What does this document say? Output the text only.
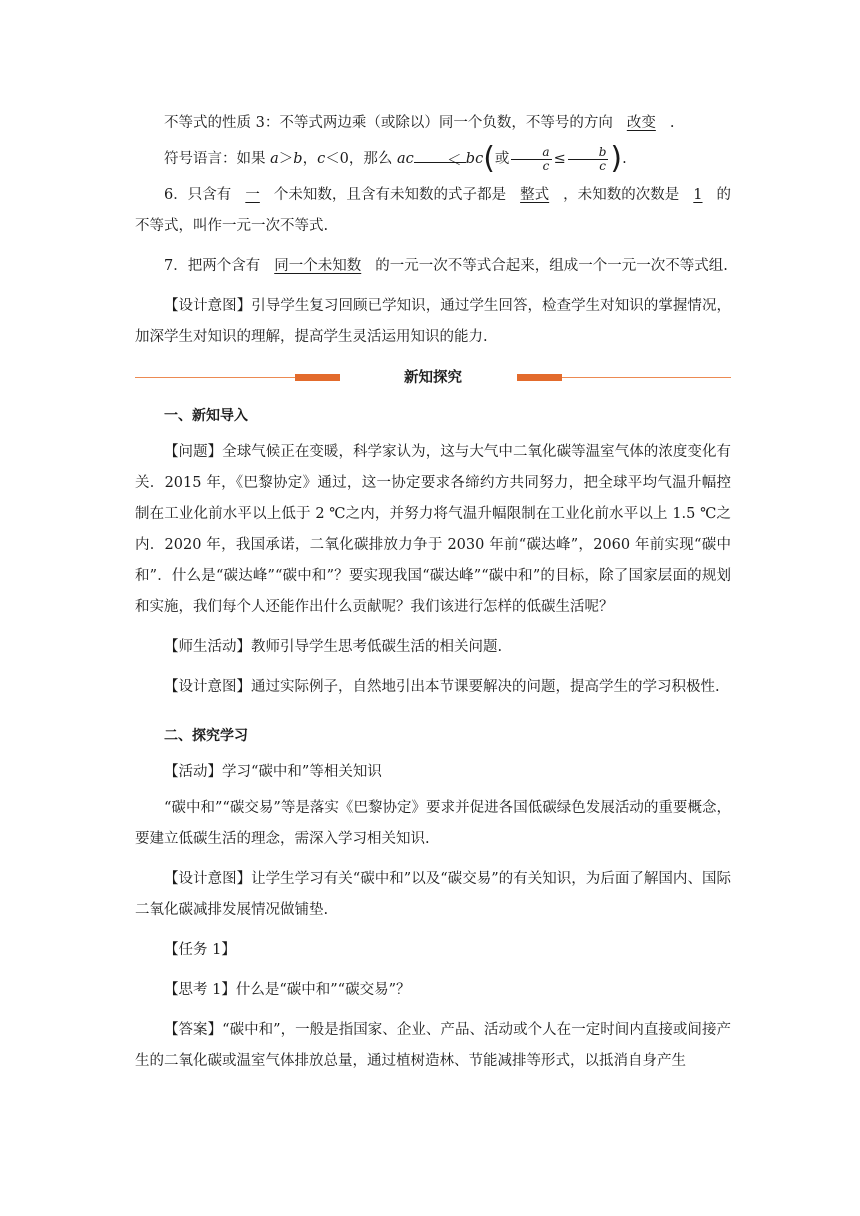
不等式的性质 3：不等式两边乘（或除以）同一个负数，不等号的方向 改变 .

符号语言：如果 a＞b，c＜0，那么 ac ＜ bc(或 $\frac{a}{c} \le \frac{b}{c}$ ).

6．只含有 一 个未知数，且含有未知数的式子都是 整式 ，未知数的次数是 1 的不等式，叫作一元一次不等式.

7．把两个含有 同一个未知数 的一元一次不等式合起来，组成一个一元一次不等式组.

【设计意图】引导学生复习回顾已学知识，通过学生回答，检查学生对知识的掌握情况，加深学生对知识的理解，提高学生灵活运用知识的能力.

新知探究

一、新知导入

【问题】全球气候正在变暖，科学家认为，这与大气中二氧化碳等温室气体的浓度变化有关．2015 年，《巴黎协定》通过，这一协定要求各缔约方共同努力，把全球平均气温升幅控制在工业化前水平以上低于 2 ℃之内，并努力将气温升幅限制在工业化前水平以上 1.5 ℃之内．2020 年，我国承诺，二氧化碳排放力争于 2030 年前“碳达峰”，2060 年前实现“碳中和”．什么是“碳达峰”“碳中和”？要实现我国“碳达峰”“碳中和”的目标，除了国家层面的规划和实施，我们每个人还能作出什么贡献呢？我们该进行怎样的低碳生活呢？

【师生活动】教师引导学生思考低碳生活的相关问题.

【设计意图】通过实际例子，自然地引出本节课要解决的问题，提高学生的学习积极性.

二、探究学习

【活动】学习“碳中和”等相关知识

“碳中和”“碳交易”等是落实《巴黎协定》要求并促进各国低碳绿色发展活动的重要概念，要建立低碳生活的理念，需深入学习相关知识.

【设计意图】让学生学习有关“碳中和”以及“碳交易”的有关知识，为后面了解国内、国际二氧化碳减排发展情况做铺垫.

【任务 1】

【思考 1】什么是“碳中和”“碳交易”？

【答案】“碳中和”，一般是指国家、企业、产品、活动或个人在一定时间内直接或间接产生的二氧化碳或温室气体排放总量，通过植树造林、节能减排等形式，以抵消自身产生
